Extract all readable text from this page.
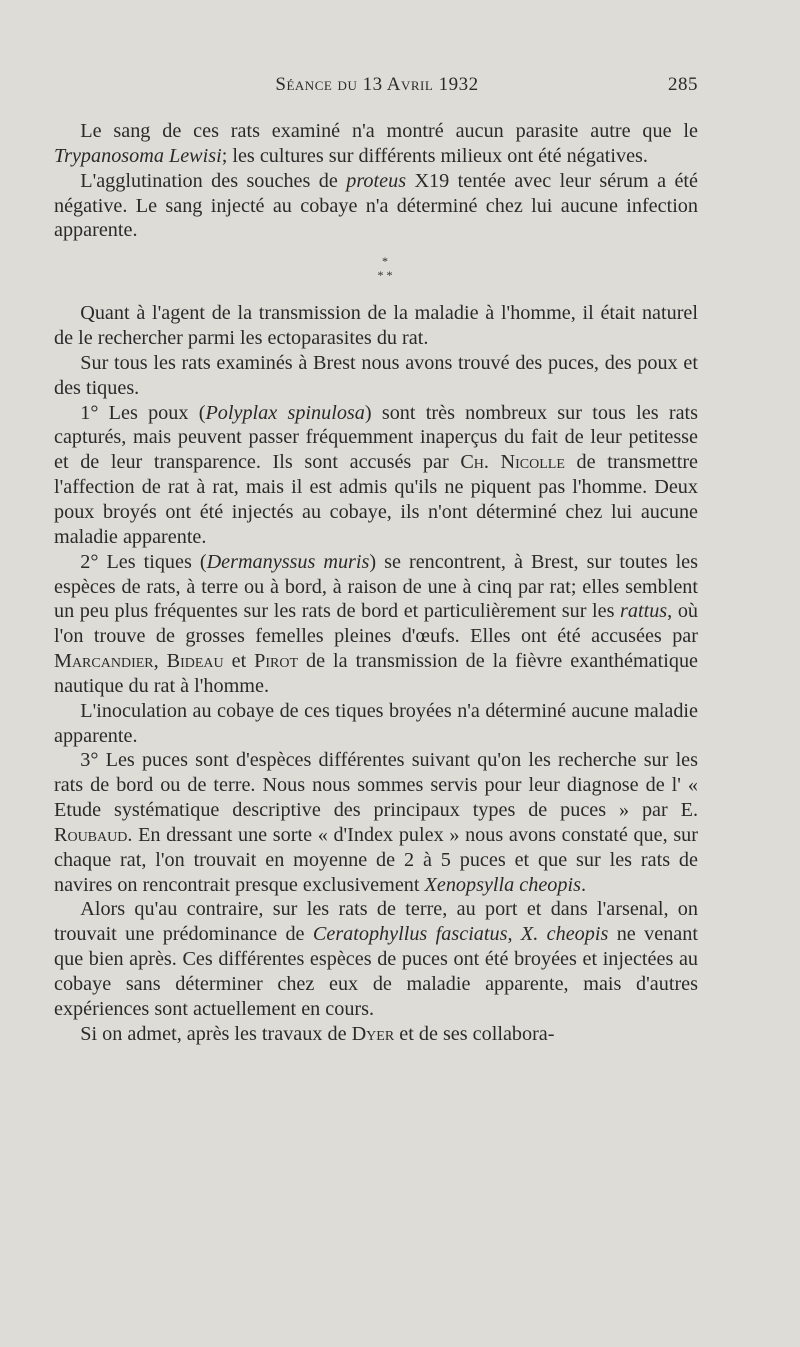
Séance du 13 Avril 1932	285

Le sang de ces rats examiné n'a montré aucun parasite autre que le Trypanosoma Lewisi; les cultures sur différents milieux ont été négatives.

L'agglutination des souches de proteus X19 tentée avec leur sérum a été négative. Le sang injecté au cobaye n'a déterminé chez lui aucune infection apparente.

*
* *

Quant à l'agent de la transmission de la maladie à l'homme, il était naturel de le rechercher parmi les ectoparasites du rat.

Sur tous les rats examinés à Brest nous avons trouvé des puces, des poux et des tiques.

1° Les poux (Polyplax spinulosa) sont très nombreux sur tous les rats capturés, mais peuvent passer fréquemment inaperçus du fait de leur petitesse et de leur transparence. Ils sont accusés par Ch. Nicolle de transmettre l'affection de rat à rat, mais il est admis qu'ils ne piquent pas l'homme. Deux poux broyés ont été injectés au cobaye, ils n'ont déterminé chez lui aucune maladie apparente.

2° Les tiques (Dermanyssus muris) se rencontrent, à Brest, sur toutes les espèces de rats, à terre ou à bord, à raison de une à cinq par rat; elles semblent un peu plus fréquentes sur les rats de bord et particulièrement sur les rattus, où l'on trouve de grosses femelles pleines d'œufs. Elles ont été accusées par Marcandier, Bideau et Pirot de la transmission de la fièvre exanthématique nautique du rat à l'homme.

L'inoculation au cobaye de ces tiques broyées n'a déterminé aucune maladie apparente.

3° Les puces sont d'espèces différentes suivant qu'on les recherche sur les rats de bord ou de terre. Nous nous sommes servis pour leur diagnose de l' « Etude systématique descriptive des principaux types de puces » par E. Roubaud. En dressant une sorte « d'Index pulex » nous avons constaté que, sur chaque rat, l'on trouvait en moyenne de 2 à 5 puces et que sur les rats de navires on rencontrait presque exclusivement Xenopsylla cheopis.

Alors qu'au contraire, sur les rats de terre, au port et dans l'arsenal, on trouvait une prédominance de Ceratophyllus fasciatus, X. cheopis ne venant que bien après. Ces différentes espèces de puces ont été broyées et injectées au cobaye sans déterminer chez eux de maladie apparente, mais d'autres expériences sont actuellement en cours.

Si on admet, après les travaux de Dyer et de ses collabora-
